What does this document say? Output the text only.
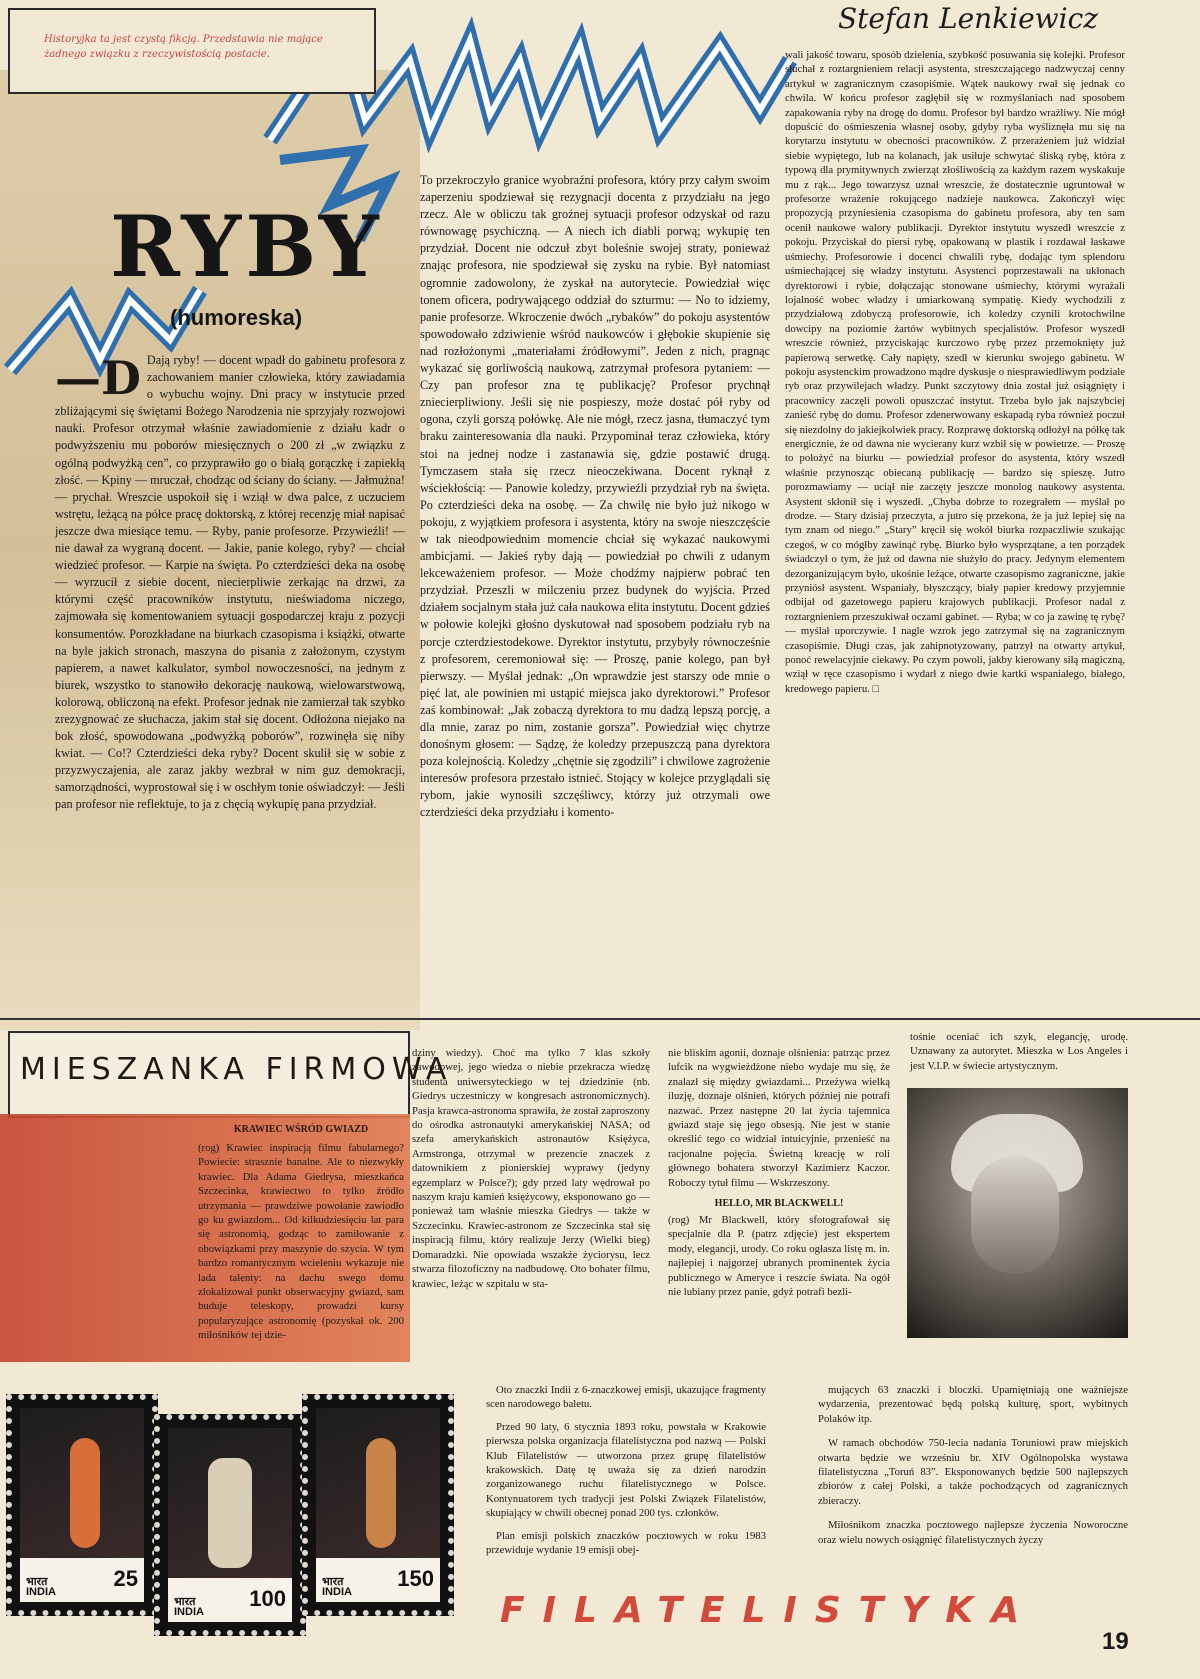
Historyjka ta jest czystą fikcją. Przedstawia nie mające żadnego związku z rzeczywistością postacie.

Stefan Lenkiewicz
RYBY
(humoreska)
—D Dają ryby! — docent wpadł do gabinetu profesora z zachowaniem manier człowieka, który zawiadamia o wybuchu wojny. Dni pracy w instytucie przed zbliżającymi się świętami Bożego Narodzenia nie sprzyjały rozwojowi nauki. Profesor otrzymał właśnie zawiadomienie z działu kadr o podwyższeniu mu poborów miesięcznych o 200 zł „w związku z ogólną podwyżką cen”, co przyprawiło go o białą gorączkę i zapiekłą złość. — Kpiny — mruczał, chodząc od ściany do ściany. — Jałmużna! — prychał. Wreszcie uspokoił się i wziął w dwa palce, z uczuciem wstrętu, leżącą na półce pracę doktorską, z której recenzję miał napisać jeszcze dwa miesiące temu. — Ryby, panie profesorze. Przywieźli! — nie dawał za wygraną docent. — Jakie, panie kolego, ryby? — chciał wiedzieć profesor. — Karpie na święta. Po czterdzieści deka na osobę — wyrzucił z siebie docent, niecierpliwie zerkając na drzwi, za którymi część pracowników instytutu, nieświadoma niczego, zajmowała się komentowaniem sytuacji gospodarczej kraju z pozycji konsumentów. Porozkładane na biurkach czasopisma i książki, otwarte na byle jakich stronach, maszyna do pisania z założonym, czystym papierem, a nawet kalkulator, symbol nowoczesności, na jednym z biurek, wszystko to stanowiło dekorację naukową, wielowarstwową, kolorową, obliczoną na efekt. Profesor jednak nie zamierzał tak szybko zrezygnować ze słuchacza, jakim stał się docent. Odłożona niejako na bok złość, spowodowana „podwyżką poborów”, rozwinęła się niby kwiat. — Co!? Czterdzieści deka ryby? Docent skulił się w sobie z przyzwyczajenia, ale zaraz jakby wezbrał w nim guz demokracji, samorządności, wyprostował się i w oschłym tonie oświadczył: — Jeśli pan profesor nie reflektuje, to ja z chęcią wykupię pana przydział.
To przekroczyło granice wyobraźni profesora, który przy całym swoim zaperzeniu spodziewał się rezygnacji docenta z przydziału na jego rzecz. Ale w obliczu tak groźnej sytuacji profesor odzyskał od razu równowagę psychiczną. — A niech ich diabli porwą; wykupię ten przydział. Docent nie odczuł zbyt boleśnie swojej straty, ponieważ znając profesora, nie spodziewał się zysku na rybie. Był natomiast ogromnie zadowolony, że zyskał na autorytecie. Powiedział więc tonem oficera, podrywającego oddział do szturmu: — No to idziemy, panie profesorze. Wkroczenie dwóch „rybaków” do pokoju asystentów spowodowało zdziwienie wśród naukowców i głębokie skupienie się nad rozłożonymi „materiałami źródłowymi”. Jeden z nich, pragnąc wykazać się gorliwością naukową, zatrzymał profesora pytaniem: — Czy pan profesor zna tę publikację? Profesor prychnął zniecierpliwiony. Jeśli się nie pospieszy, może dostać pół ryby od ogona, czyli gorszą połówkę. Ale nie mógł, rzecz jasna, tłumaczyć tym braku zainteresowania dla nauki. Przypominał teraz człowieka, który stoi na jednej nodze i zastanawia się, gdzie postawić drugą. Tymczasem stała się rzecz nieoczekiwana. Docent ryknął z wściekłością: — Panowie koledzy, przywieźli przydział ryb na święta. Po czterdzieści deka na osobę. — Za chwilę nie było już nikogo w pokoju, z wyjątkiem profesora i asystenta, który na swoje nieszczęście w tak nieodpowiednim momencie chciał się wykazać naukowymi ambicjami. — Jakieś ryby dają — powiedział po chwili z udanym lekceważeniem profesor. — Może chodźmy najpierw pobrać ten przydział. Przeszli w milczeniu przez budynek do wyjścia. Przed działem socjalnym stała już cała naukowa elita instytutu. Docent gdzieś w połowie kolejki głośno dyskutował nad sposobem podziału ryb na porcje czterdziestodekowe. Dyrektor instytutu, przybyły równocześnie z profesorem, ceremoniował się: — Proszę, panie kolego, pan był pierwszy. — Myślał jednak: „On wprawdzie jest starszy ode mnie o pięć lat, ale powinien mi ustąpić miejsca jako dyrektorowi.” Profesor zaś kombinował: „Jak zobaczą dyrektora to mu dadzą lepszą porcję, a dla mnie, zaraz po nim, zostanie gorsza”. Powiedział więc chytrze donośnym głosem: — Sądzę, że koledzy przepuszczą pana dyrektora poza kolejnością. Koledzy „chętnie się zgodzili” i chwilowe zagrożenie interesów profesora przestało istnieć. Stojący w kolejce przyglądali się rybom, jakie wynosili szczęśliwcy, którzy już otrzymali owe czterdzieści deka przydziału i komento-
wali jakość towaru, sposób dzielenia, szybkość posuwania się kolejki. Profesor słuchał z roztargnieniem relacji asystenta, streszczającego nadzwyczaj cenny artykuł w zagranicznym czasopiśmie. Wątek naukowy rwał się jednak co chwila. W końcu profesor zagłębił się w rozmyślaniach nad sposobem zapakowania ryby na drogę do domu. Profesor był bardzo wrażliwy. Nie mógł dopuścić do ośmieszenia własnej osoby, gdyby ryba wyśliznęła mu się na korytarzu instytutu w obecności pracowników. Z przerażeniem już widział siebie wypiętego, lub na kolanach, jak usiłuje schwytać śliską rybę, która z typową dla prymitywnych zwierząt złośliwością za każdym razem wyskakuje mu z rąk... Jego towarzysz uznał wreszcie, że dostatecznie ugruntował w profesorze wrażenie rokującego nadzieje naukowca. Zakończył więc propozycją przyniesienia czasopisma do gabinetu profesora, aby ten sam ocenił naukowe walory publikacji. Dyrektor instytutu wyszedł wreszcie z pokoju. Przyciskał do piersi rybę, opakowaną w plastik i rozdawał łaskawe uśmiechy. Profesorowie i docenci chwalili rybę, dodając tym splendoru uśmiechającej się władzy instytutu. Asystenci poprzestawali na ukłonach dyrektorowi i rybie, dołączając stonowane uśmiechy, którymi wyrażali lojalność wobec władzy i umiarkowaną sympatię. Kiedy wychodzili z przydziałową zdobyczą profesorowie, ich koledzy czynili krotochwilne dowcipy na poziomie żartów wybitnych specjalistów. Profesor wyszedł wreszcie również, przyciskając kurczowo rybę przez przemoknięty już papierową serwetkę. Cały napięty, szedł w kierunku swojego gabinetu. W pokoju asystenckim prowadzono mądre dyskusje o niesprawiedliwym podziale ryb oraz przywilejach władzy. Punkt szczytowy dnia został już osiągnięty i pracownicy zaczęli powoli opuszczać instytut. Trzeba było jak najszybciej zanieść rybę do domu. Profesor zdenerwowany eskapadą ryba również poczuł się niezdolny do jakiejkolwiek pracy. Rozprawę doktorską odłożył na półkę tak energicznie, że od dawna nie wycierany kurz wzbił się w powietrze. — Proszę to położyć na biurku — powiedział profesor do asystenta, który wszedł właśnie przynosząc obiecaną publikację — bardzo się spieszę. Jutro porozmawiamy — uciął nie zaczęty jeszcze monolog naukowy asystenta. Asystent skłonił się i wyszedł. „Chyba dobrze to rozegrałem — myślał po drodze. — Stary dzisiaj przeczyta, a jutro się przekona, że ja już lepiej się na tym znam od niego.” „Stary” kręcił się wokół biurka rozpaczliwie szukając czegoś, w co mógłby zawinąć rybę. Biurko było wysprzątane, a ten porządek świadczył o tym, że już od dawna nie służyło do pracy. Jedynym elementem dezorganizującym było, ukośnie leżące, otwarte czasopismo zagraniczne, jakie przyniósł asystent. Wspaniały, błyszczący, biały papier kredowy przyjemnie odbijał od gazetowego papieru krajowych publikacji. Profesor nadal z roztargnieniem przeszukiwał oczami gabinet. — Ryba; w co ja zawinę tę rybę? — myślał uporczywie. I nagle wzrok jego zatrzymał się na zagranicznym czasopiśmie. Długi czas, jak zahipnotyzowany, patrzył na otwarty artykuł, ponoć rewelacyjnie ciekawy. Po czym powoli, jakby kierowany siłą magiczną, wziął w ręce czasopismo i wydarł z niego dwie kartki wspaniałego, białego, kredowego papieru. □
MIESZANKA FIRMOWA
KRAWIEC WŚRÓD GWIAZD
(rog) Krawiec inspiracją filmu fabularnego? Powiecie: strasznie banalne. Ale to niezwykły krawiec. Dla Adama Giedrysa, mieszkańca Szczecinka, krawiectwo to tylko źródło utrzymania — prawdziwe powołanie zawiodło go ku gwiazdom... Od kilkudziesięciu lat para się astronomią, godząc to zamiłowanie z obowiązkami przy maszynie do szycia. W tym bardzo romantycznym wcieleniu wykazuje nie lada talenty: na dachu swego domu zlokalizował punkt obserwacyjny gwiazd, sam buduje teleskopy, prowadzi kursy popularyzujące astronomię (pozyskał ok. 200 miłośników tej dzie-
dziny wiedzy). Choć ma tylko 7 klas szkoły zawodowej, jego wiedza o niebie przekracza wiedzę studenta uniwersyteckiego w tej dziedzinie (nb. Giedrys uczestniczy w kongresach astronomicznych). Pasja krawca-astronoma sprawiła, że został zaproszony do ośrodka astronautyki amerykańskiej NASA; od szefa amerykańskich astronautów Księżyca, Armstronga, otrzymał w prezencie znaczek z datownikiem z pionierskiej wyprawy (jedyny egzemplarz w Polsce?); gdy przed laty wędrował po naszym kraju kamień księżycowy, eksponowano go — ponieważ tam właśnie mieszka Giedrys — także w Szczecinku. Krawiec-astronom ze Szczecinka stał się inspiracją filmu, który realizuje Jerzy (Wielki bieg) Domaradzki. Nie opowiada wszakże życiorysu, lecz stwarza filozoficzny na nadbudowę. Oto bohater filmu, krawiec, leżąc w szpitalu w sta-
nie bliskim agonii, doznaje olśnienia: patrząc przez lufcik na wygwieżdżone niebo wydaje mu się, że znalazł się między gwiazdami... Przeżywa wielką iluzję, doznaje olśnień, których później nie potrafi nazwać. Przez następne 20 lat życia tajemnica gwiazd staje się jego obsesją. Nie jest w stanie określić tego co widział intuicyjnie, przenieść na racjonalne pojęcia. Świetną kreację w roli głównego bohatera stworzył Kazimierz Kaczor. Roboczy tytuł filmu — Wskrzeszony.
HELLO, MR BLACKWELL!
(rog) Mr Blackwell, który sfotografował się specjalnie dla P. (patrz zdjęcie) jest ekspertem mody, elegancji, urody. Co roku ogłasza listę m. in. najlepiej i najgorzej ubranych prominentek życia publicznego w Ameryce i reszcie świata. Na ogół nie lubiany przez panie, gdyż potrafi bezli-
tośnie oceniać ich szyk, elegancję, urodę. Uznawany za autorytet. Mieszka w Los Angeles i jest V.I.P. w świecie artystycznym.
भारत
INDIA
25
भारत
INDIA
100
भारत
INDIA
150

Oto znaczki Indii z 6-znaczkowej emisji, ukazujące fragmenty scen narodowego baletu.

Przed 90 laty, 6 stycznia 1893 roku, powstała w Krakowie pierwsza polska organizacja filatelistyczna pod nazwą — Polski Klub Filatelistów — utworzona przez grupę filatelistów krakowskich. Datę tę uważa się za dzień narodzin zorganizowanego ruchu filatelistycznego w Polsce. Kontynuatorem tych tradycji jest Polski Związek Filatelistów, skupiający w chwili obecnej ponad 200 tys. członków.

Plan emisji polskich znaczków pocztowych w roku 1983 przewiduje wydanie 19 emisji obej-

mujących 63 znaczki i bloczki. Upamiętniają one ważniejsze wydarzenia, prezentować będą polską kulturę, sport, wybitnych Polaków itp.

W ramach obchodów 750-lecia nadania Toruniowi praw miejskich otwarta będzie we wrześniu br. XIV Ogólnopolska wystawa filatelistyczna „Toruń 83”. Eksponowanych będzie 500 najlepszych zbiorów z całej Polski, a także pochodzących od zagranicznych zbieraczy.

Miłośnikom znaczka pocztowego najlepsze życzenia Noworoczne oraz wielu nowych osiągnięć filatelistycznych życzy

FILATELISTYKA
19
